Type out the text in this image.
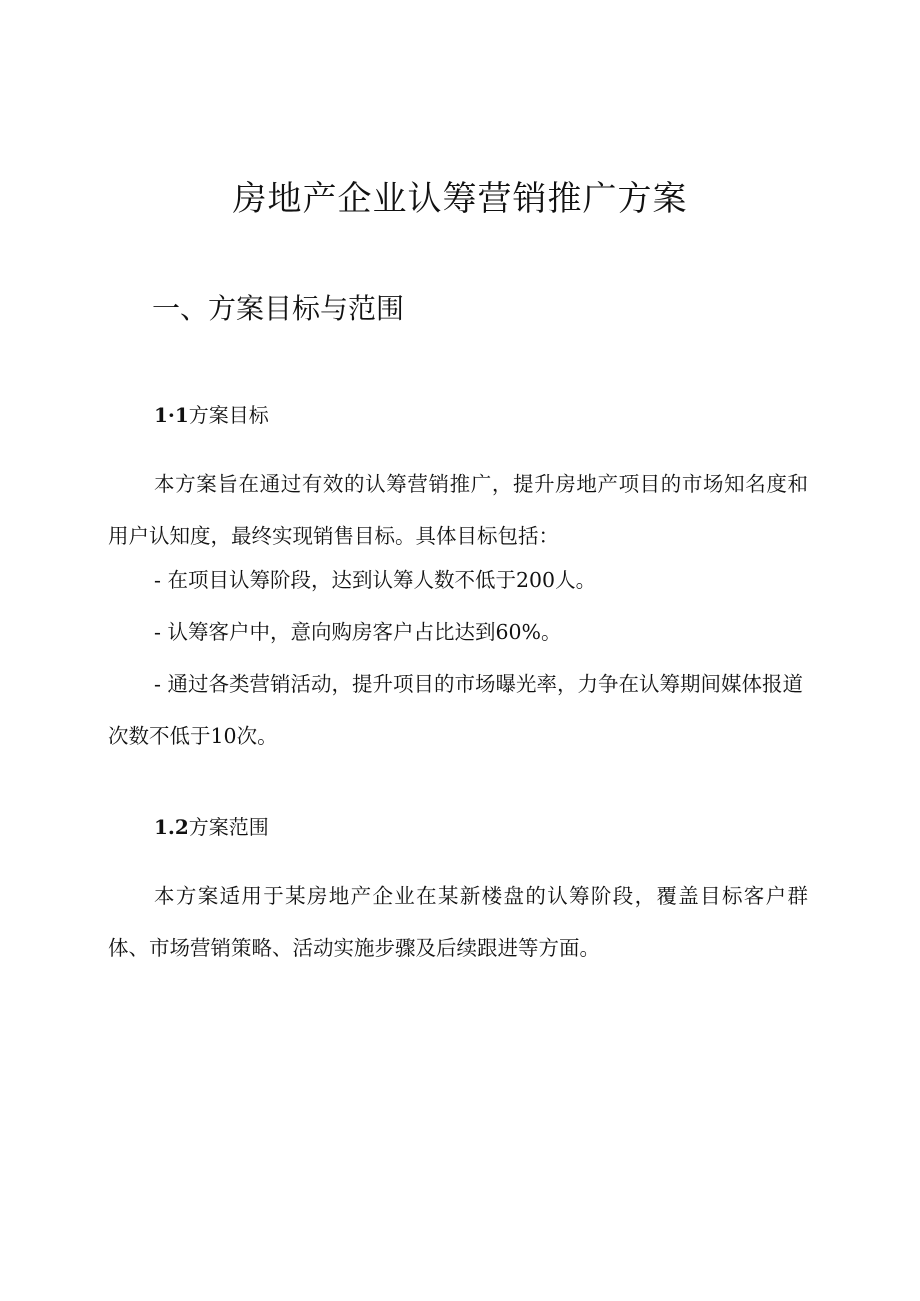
房地产企业认筹营销推广方案
一、方案目标与范围
1·1方案目标

本方案旨在通过有效的认筹营销推广，提升房地产项目的市场知名度和用户认知度，最终实现销售目标。具体目标包括：

- 在项目认筹阶段，达到认筹人数不低于200人。

- 认筹客户中，意向购房客户占比达到60%。

- 通过各类营销活动，提升项目的市场曝光率，力争在认筹期间媒体报道次数不低于10次。

1.2方案范围

本方案适用于某房地产企业在某新楼盘的认筹阶段，覆盖目标客户群体、市场营销策略、活动实施步骤及后续跟进等方面。
